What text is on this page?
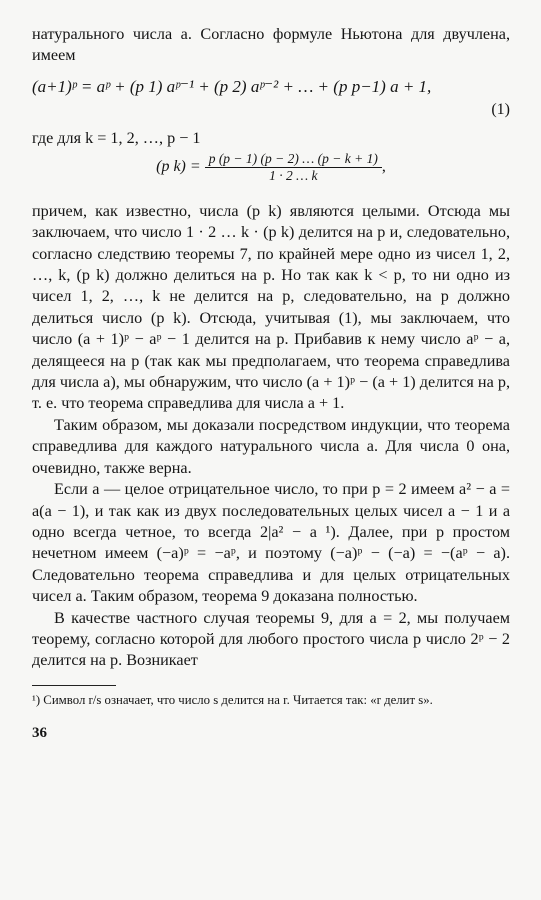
натурального числа a. Согласно формуле Ньютона для двучлена, имеем

(a+1)ᵖ = aᵖ + (p 1) aᵖ⁻¹ + (p 2) aᵖ⁻² + … + (p p−1) a + 1,
(1)

где для k = 1, 2, …, p − 1

(p $k) = \frac{p (p - 1) (p - 2) \dots (p - k + 1)}{1 \cdot 2 \dots k}$ ,

причем, как известно, числа (p k) являются целыми. Отсюда мы заключаем, что число 1 · 2 … k · (p k) делится на p и, следовательно, согласно следствию теоремы 7, по крайней мере одно из чисел 1, 2, …, k, (p k) должно делиться на p. Но так как k < p, то ни одно из чисел 1, 2, …, k не делится на p, следовательно, на p должно делиться число (p k). Отсюда, учитывая (1), мы заключаем, что число (a + 1)ᵖ − aᵖ − 1 делится на p. Прибавив к нему число aᵖ − a, делящееся на p (так как мы предполагаем, что теорема справедлива для числа a), мы обнаружим, что число (a + 1)ᵖ − (a + 1) делится на p, т. е. что теорема справедлива для числа a + 1.

Таким образом, мы доказали посредством индукции, что теорема справедлива для каждого натурального числа a. Для числа 0 она, очевидно, также верна.

Если a — целое отрицательное число, то при p = 2 имеем a² − a = a(a − 1), и так как из двух последовательных целых чисел a − 1 и a одно всегда четное, то всегда 2|a² − a ¹). Далее, при p простом нечетном имеем (−a)ᵖ = −aᵖ, и поэтому (−a)ᵖ − (−a) = −(aᵖ − a). Следовательно теорема справедлива и для целых отрицательных чисел a. Таким образом, теорема 9 доказана полностью.

В качестве частного случая теоремы 9, для a = 2, мы получаем теорему, согласно которой для любого простого числа p число 2ᵖ − 2 делится на p. Возникает

¹) Символ r/s означает, что число s делится на r. Читается так: «r делит s».

36
